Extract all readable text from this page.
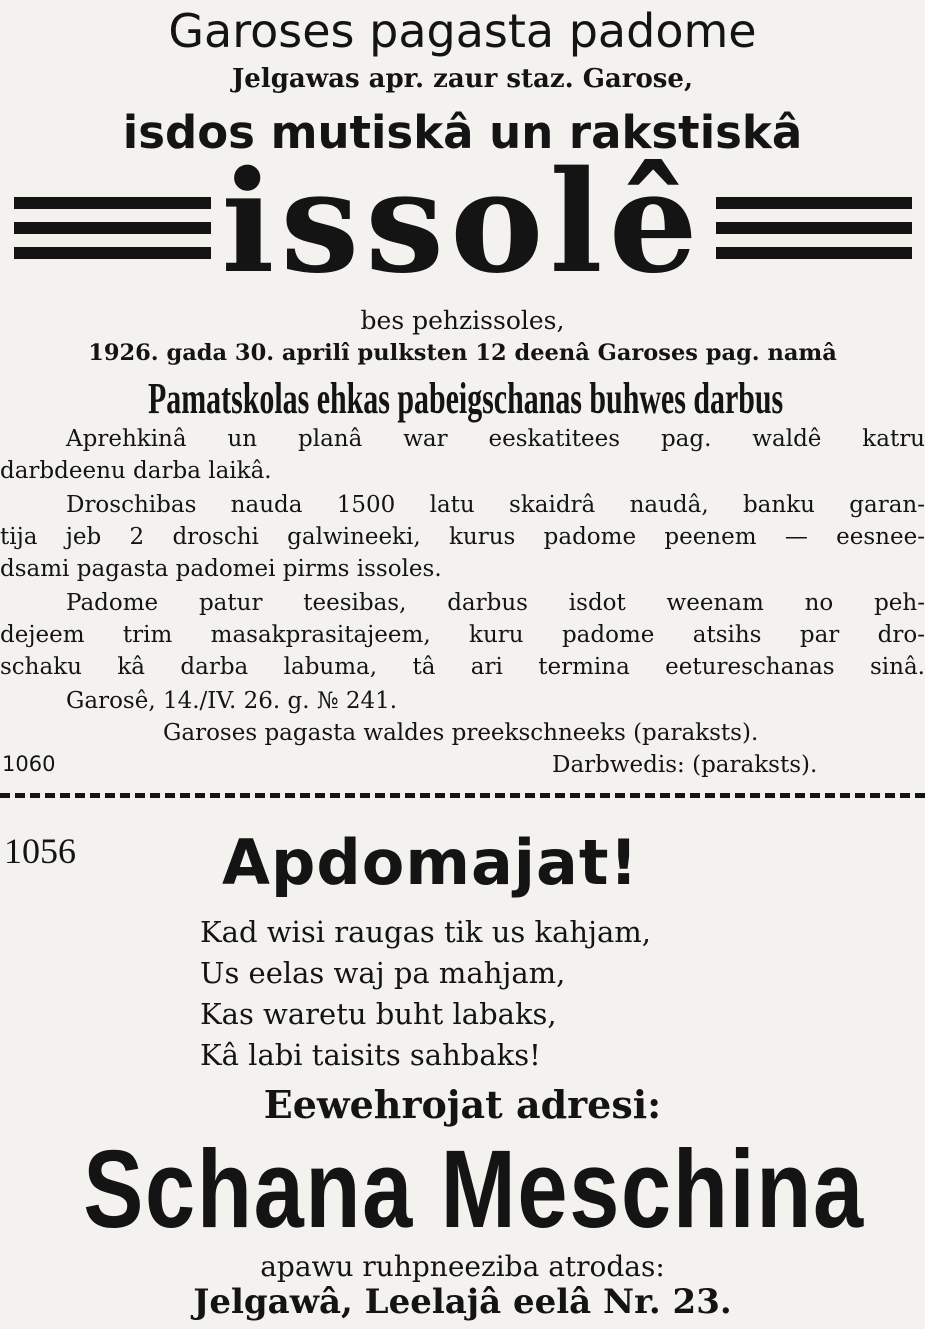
Garoses pagasta padome
Jelgawas apr. zaur staz. Garose,
isdos mutiskâ un rakstiskâ
issolê
bes pehzissoles,
1926. gada 30. aprilî pulksten 12 deenâ Garoses pag. namâ
Pamatskolas ehkas pabeigschanas buhwes darbus
Aprehkinâ un planâ war eeskatitees pag. waldê katru
darbdeenu darba laikâ.
Droschibas nauda 1500 latu skaidrâ naudâ, banku garan-
tija jeb 2 droschi galwineeki, kurus padome peenem — eesnee-
dsami pagasta padomei pirms issoles.
Padome patur teesibas, darbus isdot weenam no peh-
dejeem trim masakprasitajeem, kuru padome atsihs par dro-
schaku kâ darba labuma, tâ ari termina eetureschanas sinâ.
Garosê, 14./IV. 26. g. № 241.
Garoses pagasta waldes preekschneeks (paraksts).
1060	Darbwedis: (paraksts).
1056 Apdomajat!
Kad wisi raugas tik us kahjam,
Us eelas waj pa mahjam,
Kas waretu buht labaks,
Kâ labi taisits sahbaks!
Eewehrojat adresi:
Schana Meschina
apawu ruhpneeziba atrodas:
Jelgawâ, Leelajâ eelâ Nr. 23.
